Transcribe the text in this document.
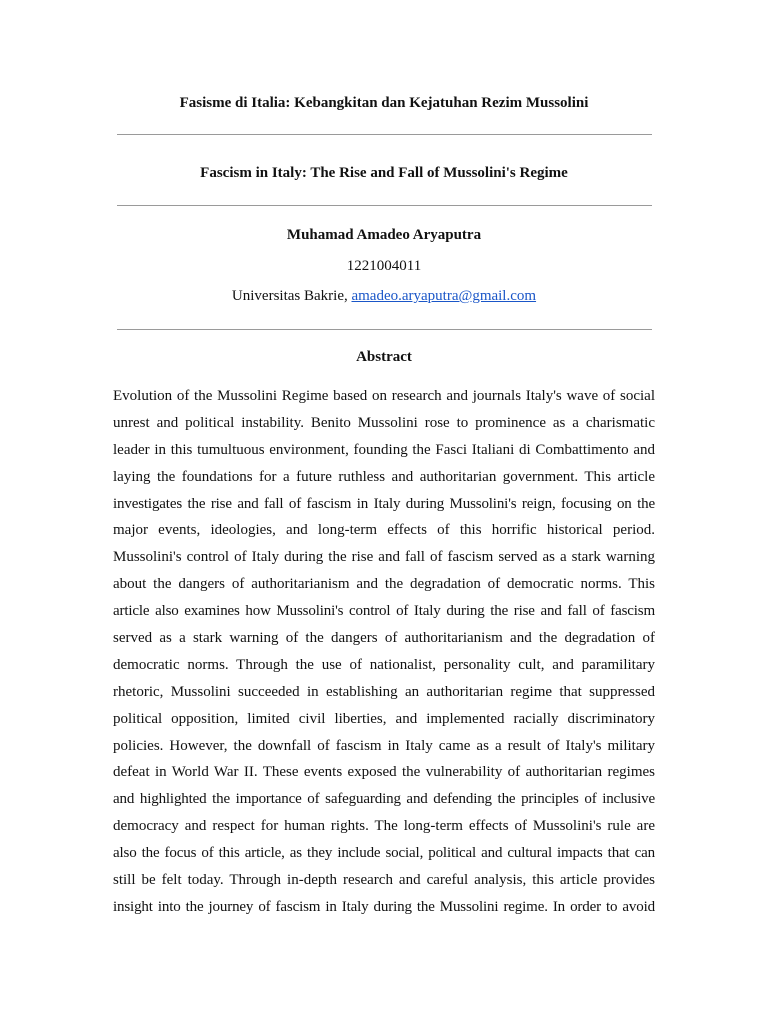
Fasisme di Italia: Kebangkitan dan Kejatuhan Rezim Mussolini

Fascism in Italy: The Rise and Fall of Mussolini's Regime

Muhamad Amadeo Aryaputra

1221004011

Universitas Bakrie, amadeo.aryaputra@gmail.com

Abstract

Evolution of the Mussolini Regime based on research and journals Italy's wave of social
unrest and political instability. Benito Mussolini rose to prominence as a charismatic
leader in this tumultuous environment, founding the Fasci Italiani di Combattimento and
laying the foundations for a future ruthless and authoritarian government. This article
investigates the rise and fall of fascism in Italy during Mussolini's reign, focusing on the
major events, ideologies, and long-term effects of this horrific historical period.
Mussolini's control of Italy during the rise and fall of fascism served as a stark warning
about the dangers of authoritarianism and the degradation of democratic norms. This
article also examines how Mussolini's control of Italy during the rise and fall of fascism
served as a stark warning of the dangers of authoritarianism and the degradation of
democratic norms. Through the use of nationalist, personality cult, and paramilitary
rhetoric, Mussolini succeeded in establishing an authoritarian regime that suppressed
political opposition, limited civil liberties, and implemented racially discriminatory
policies. However, the downfall of fascism in Italy came as a result of Italy's military
defeat in World War II. These events exposed the vulnerability of authoritarian regimes
and highlighted the importance of safeguarding and defending the principles of inclusive
democracy and respect for human rights. The long-term effects of Mussolini's rule are
also the focus of this article, as they include social, political and cultural impacts that can
still be felt today. Through in-depth research and careful analysis, this article provides
insight into the journey of fascism in Italy during the Mussolini regime. In order to avoid
